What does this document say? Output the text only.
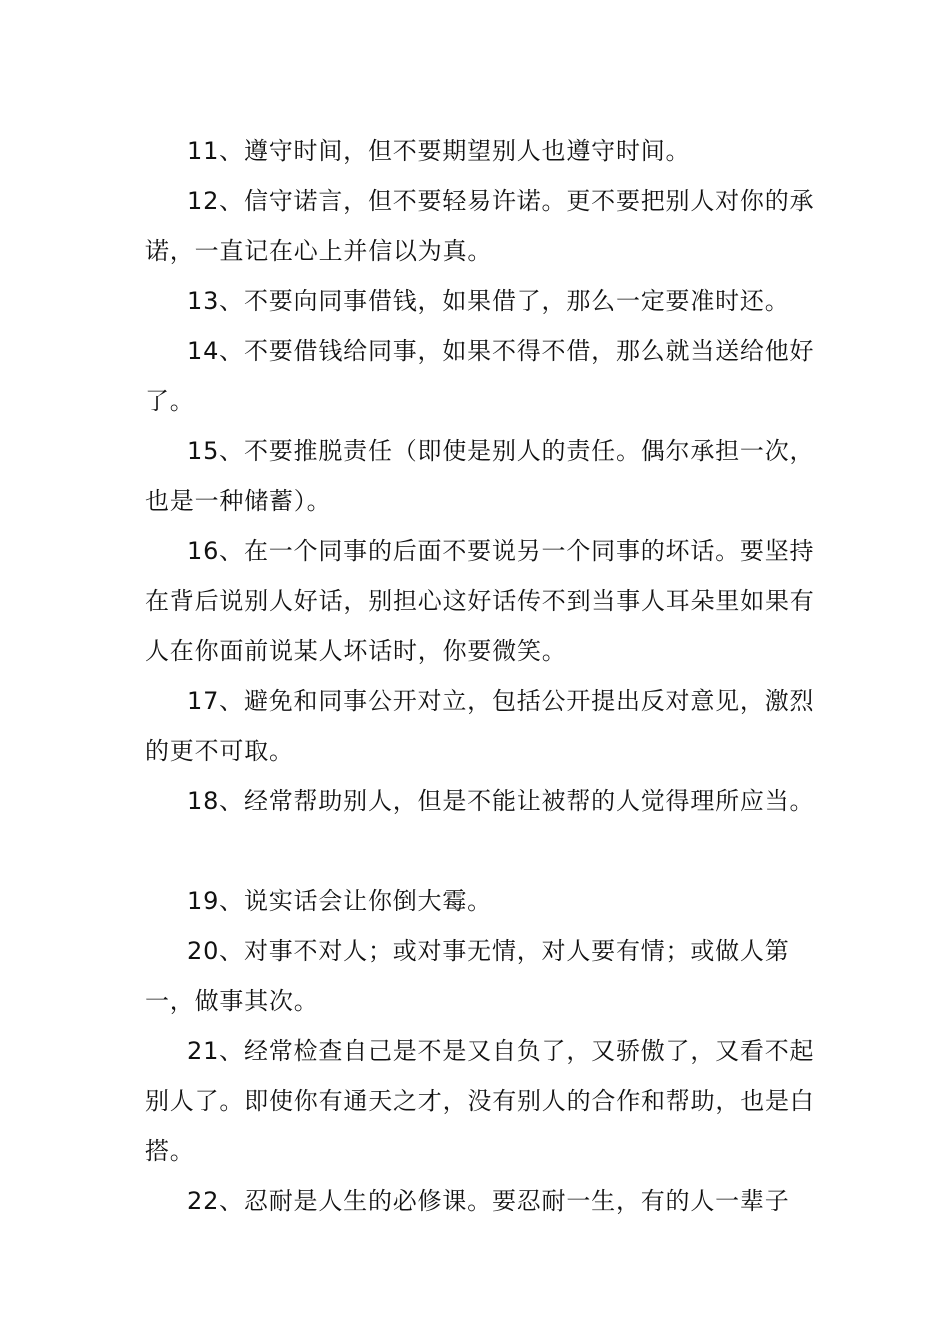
11、遵守时间，但不要期望别人也遵守时间。

12、信守诺言，但不要轻易许诺。更不要把别人对你的承诺，一直记在心上并信以为真。

13、不要向同事借钱，如果借了，那么一定要准时还。

14、不要借钱给同事，如果不得不借，那么就当送给他好了。

15、不要推脱责任（即使是别人的责任。偶尔承担一次，也是一种储蓄）。

16、在一个同事的后面不要说另一个同事的坏话。要坚持在背后说别人好话，别担心这好话传不到当事人耳朵里如果有人在你面前说某人坏话时，你要微笑。

17、避免和同事公开对立，包括公开提出反对意见，激烈的更不可取。

18、经常帮助别人，但是不能让被帮的人觉得理所应当。

19、说实话会让你倒大霉。

20、对事不对人；或对事无情，对人要有情；或做人第一，做事其次。

21、经常检查自己是不是又自负了，又骄傲了，又看不起别人了。即使你有通天之才，没有别人的合作和帮助，也是白搭。

22、忍耐是人生的必修课。要忍耐一生，有的人一辈子
